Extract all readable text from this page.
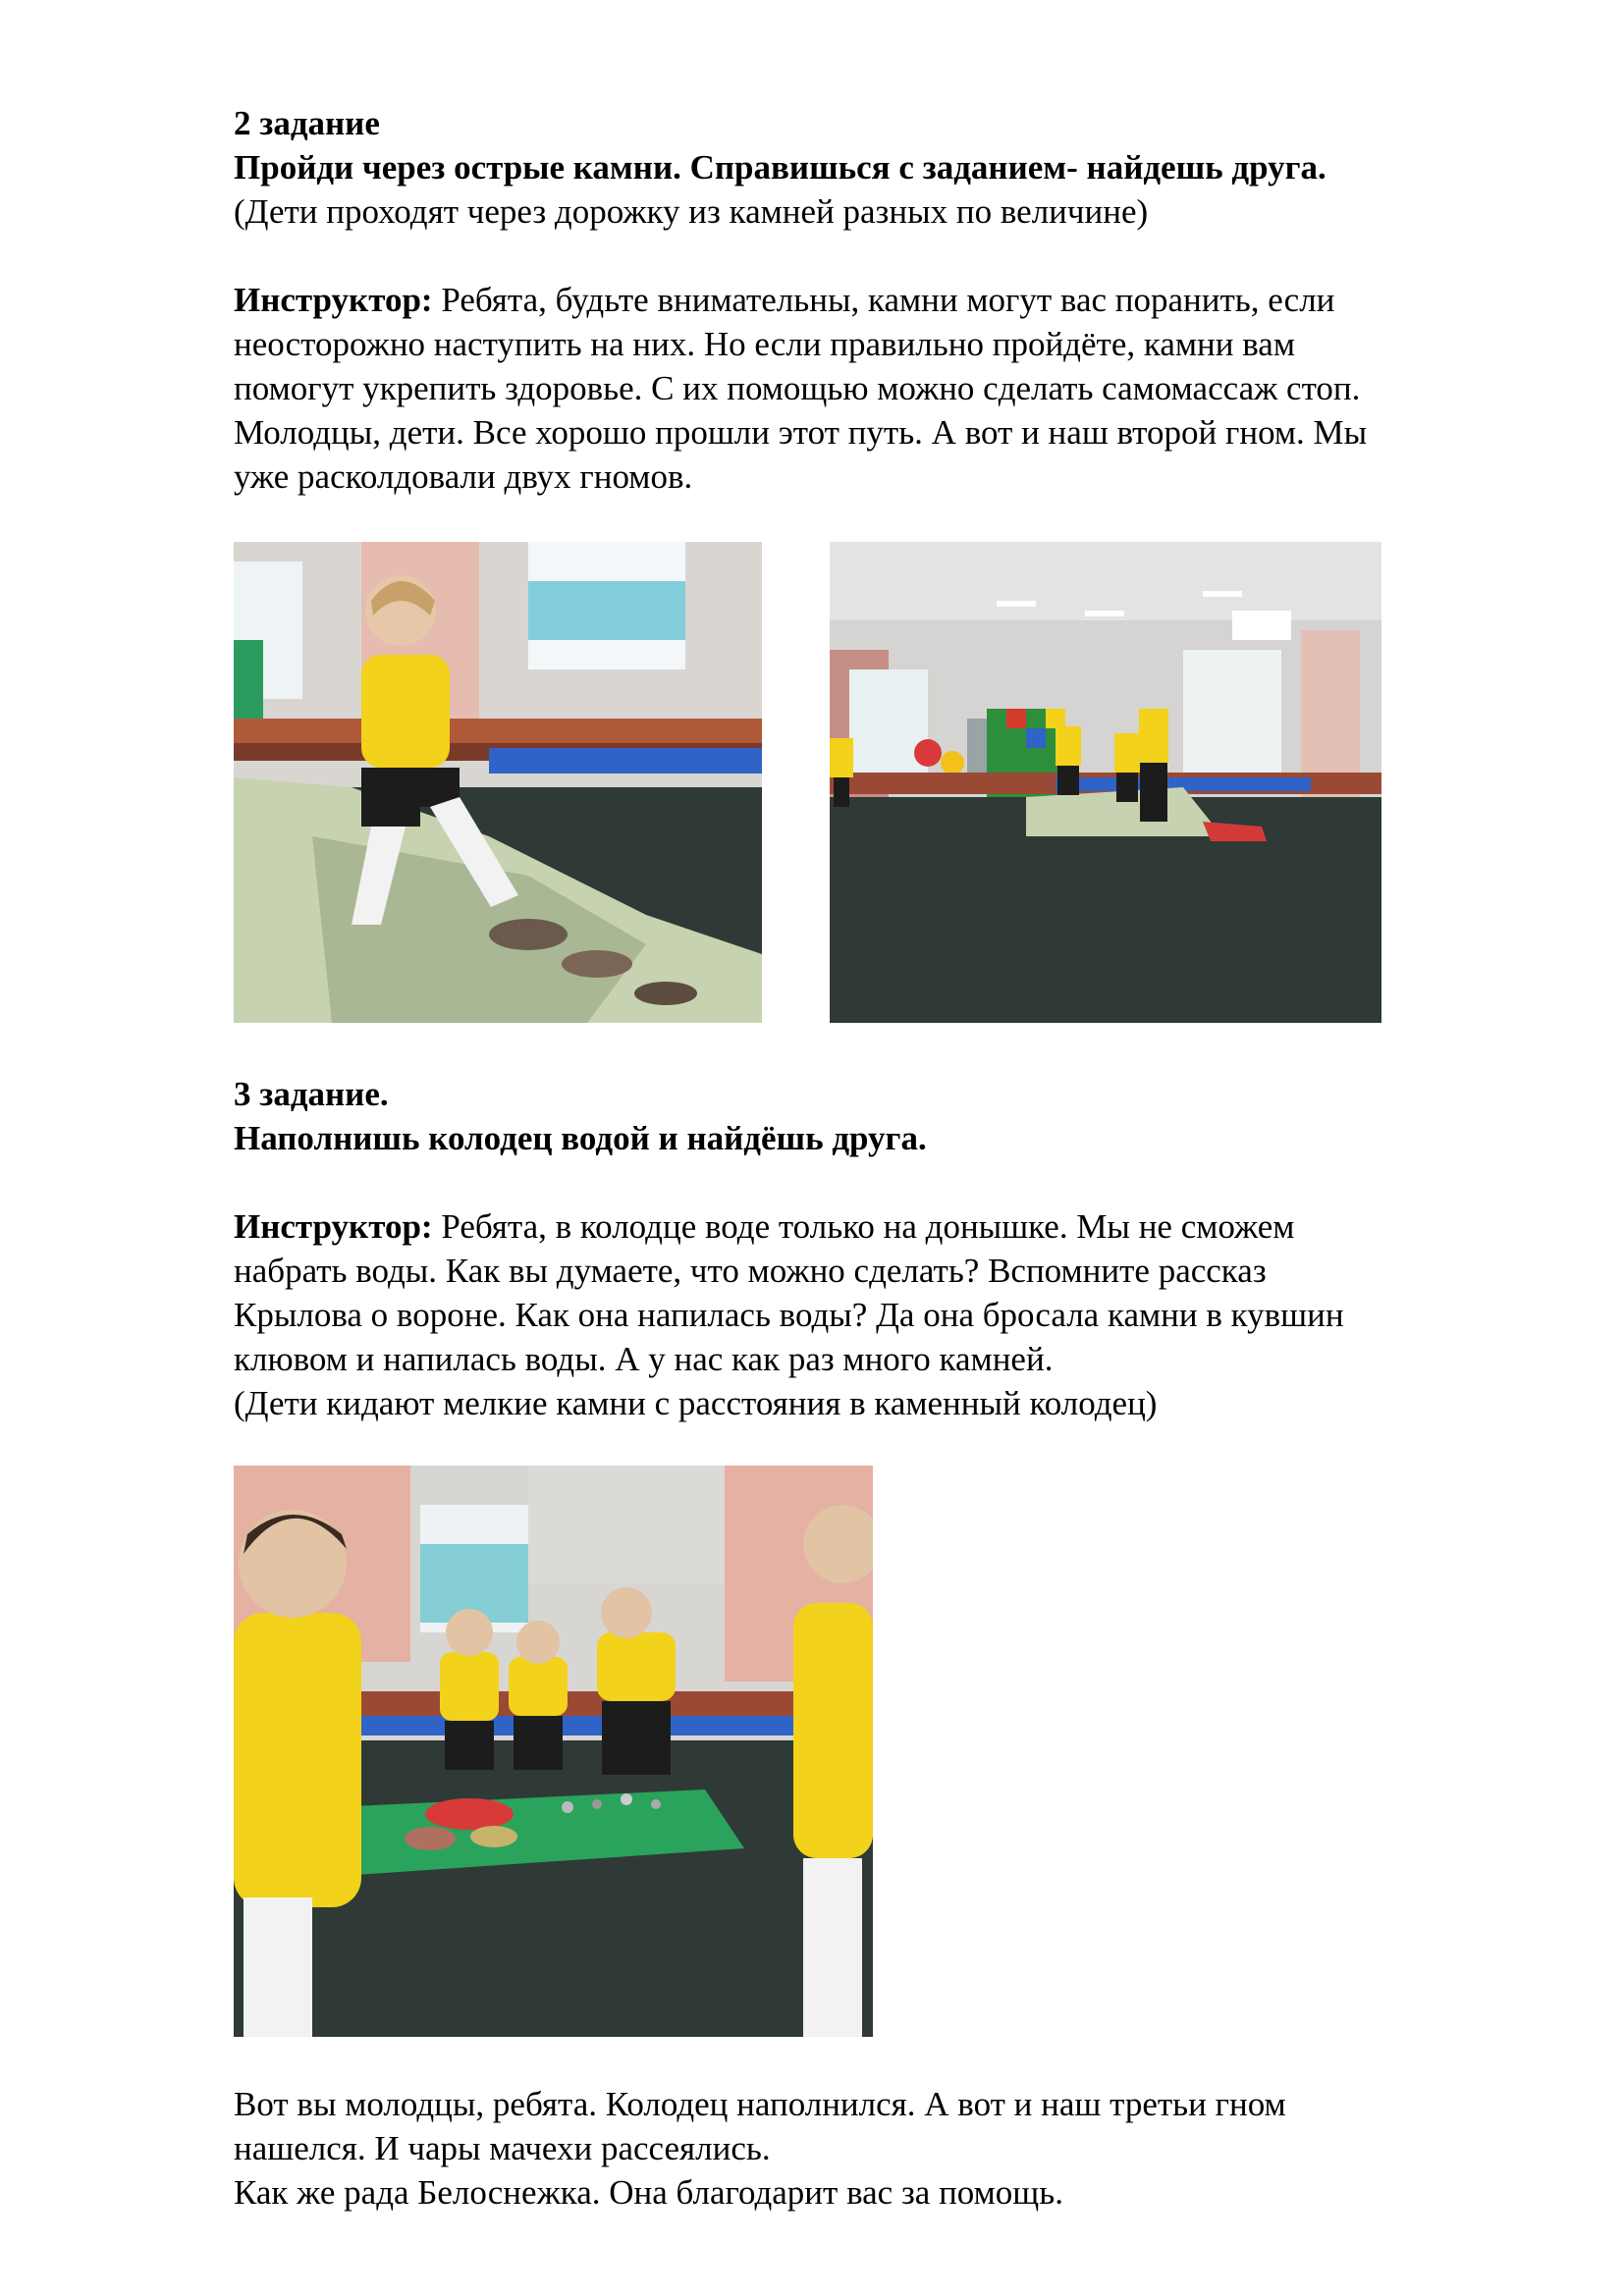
2 задание

Пройди через острые камни. Справишься с заданием- найдешь друга.

(Дети проходят через дорожку из камней разных по величине)

Инструктор: Ребята, будьте внимательны, камни могут вас поранить, если

неосторожно наступить на них. Но если правильно пройдёте, камни вам

помогут укрепить здоровье. С их помощью можно сделать самомассаж стоп.

Молодцы, дети. Все хорошо прошли этот путь. А вот и наш второй гном. Мы

уже расколдовали двух гномов.

3 задание.

Наполнишь колодец водой и найдёшь друга.

Инструктор: Ребята, в колодце воде только на донышке. Мы не сможем

набрать воды. Как вы думаете, что можно сделать? Вспомните рассказ

Крылова о вороне. Как она напилась воды? Да она бросала камни в кувшин

клювом и напилась воды. А у нас как раз много камней.

(Дети кидают мелкие камни с расстояния в каменный колодец)

Вот вы молодцы, ребята. Колодец наполнился. А вот и наш третьи гном

нашелся. И чары мачехи рассеялись.

Как же рада Белоснежка. Она благодарит вас за помощь.
